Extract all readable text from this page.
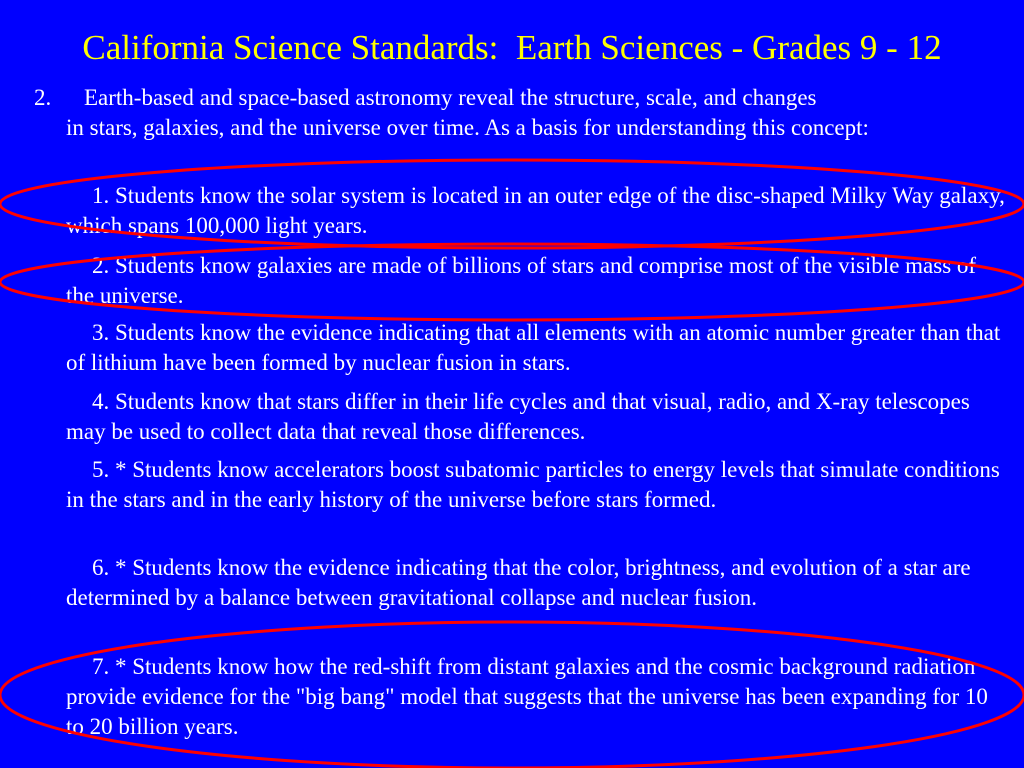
California Science Standards:  Earth Sciences - Grades 9 - 12
2. Earth-based and space-based astronomy reveal the structure, scale, and changes
in stars, galaxies, and the universe over time. As a basis for understanding this concept:
1. Students know the solar system is located in an outer edge of the disc-shaped Milky Way galaxy, which spans 100,000 light years.
2. Students know galaxies are made of billions of stars and comprise most of the visible mass of the universe.
3. Students know the evidence indicating that all elements with an atomic number greater than that of lithium have been formed by nuclear fusion in stars.
4. Students know that stars differ in their life cycles and that visual, radio, and X-ray telescopes may be used to collect data that reveal those differences.
5. * Students know accelerators boost subatomic particles to energy levels that simulate conditions in the stars and in the early history of the universe before stars formed.
6. * Students know the evidence indicating that the color, brightness, and evolution of a star are determined by a balance between gravitational collapse and nuclear fusion.
7. * Students know how the red-shift from distant galaxies and the cosmic background radiation provide evidence for the "big bang" model that suggests that the universe has been expanding for 10 to 20 billion years.
